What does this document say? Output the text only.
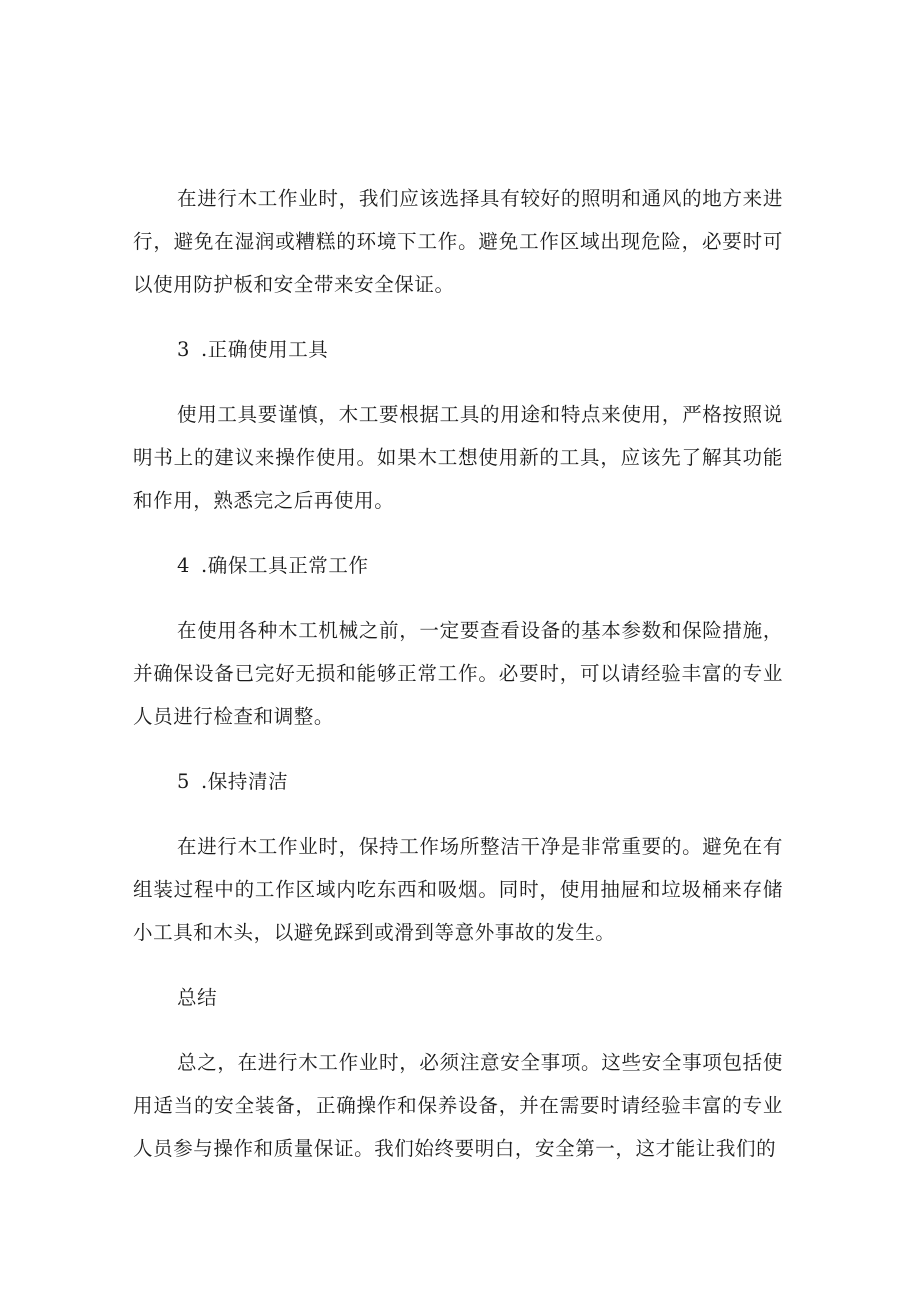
在进行木工作业时，我们应该选择具有较好的照明和通风的地方来进行，避免在湿润或糟糕的环境下工作。避免工作区域出现危险，必要时可以使用防护板和安全带来安全保证。

3 .正确使用工具

使用工具要谨慎，木工要根据工具的用途和特点来使用，严格按照说明书上的建议来操作使用。如果木工想使用新的工具，应该先了解其功能和作用，熟悉完之后再使用。

4 .确保工具正常工作

在使用各种木工机械之前，一定要查看设备的基本参数和保险措施，并确保设备已完好无损和能够正常工作。必要时，可以请经验丰富的专业人员进行检查和调整。

5 .保持清洁

在进行木工作业时，保持工作场所整洁干净是非常重要的。避免在有组装过程中的工作区域内吃东西和吸烟。同时，使用抽屉和垃圾桶来存储小工具和木头，以避免踩到或滑到等意外事故的发生。

总结

总之，在进行木工作业时，必须注意安全事项。这些安全事项包括使用适当的安全装备，正确操作和保养设备，并在需要时请经验丰富的专业人员参与操作和质量保证。我们始终要明白，安全第一，这才能让我们的
